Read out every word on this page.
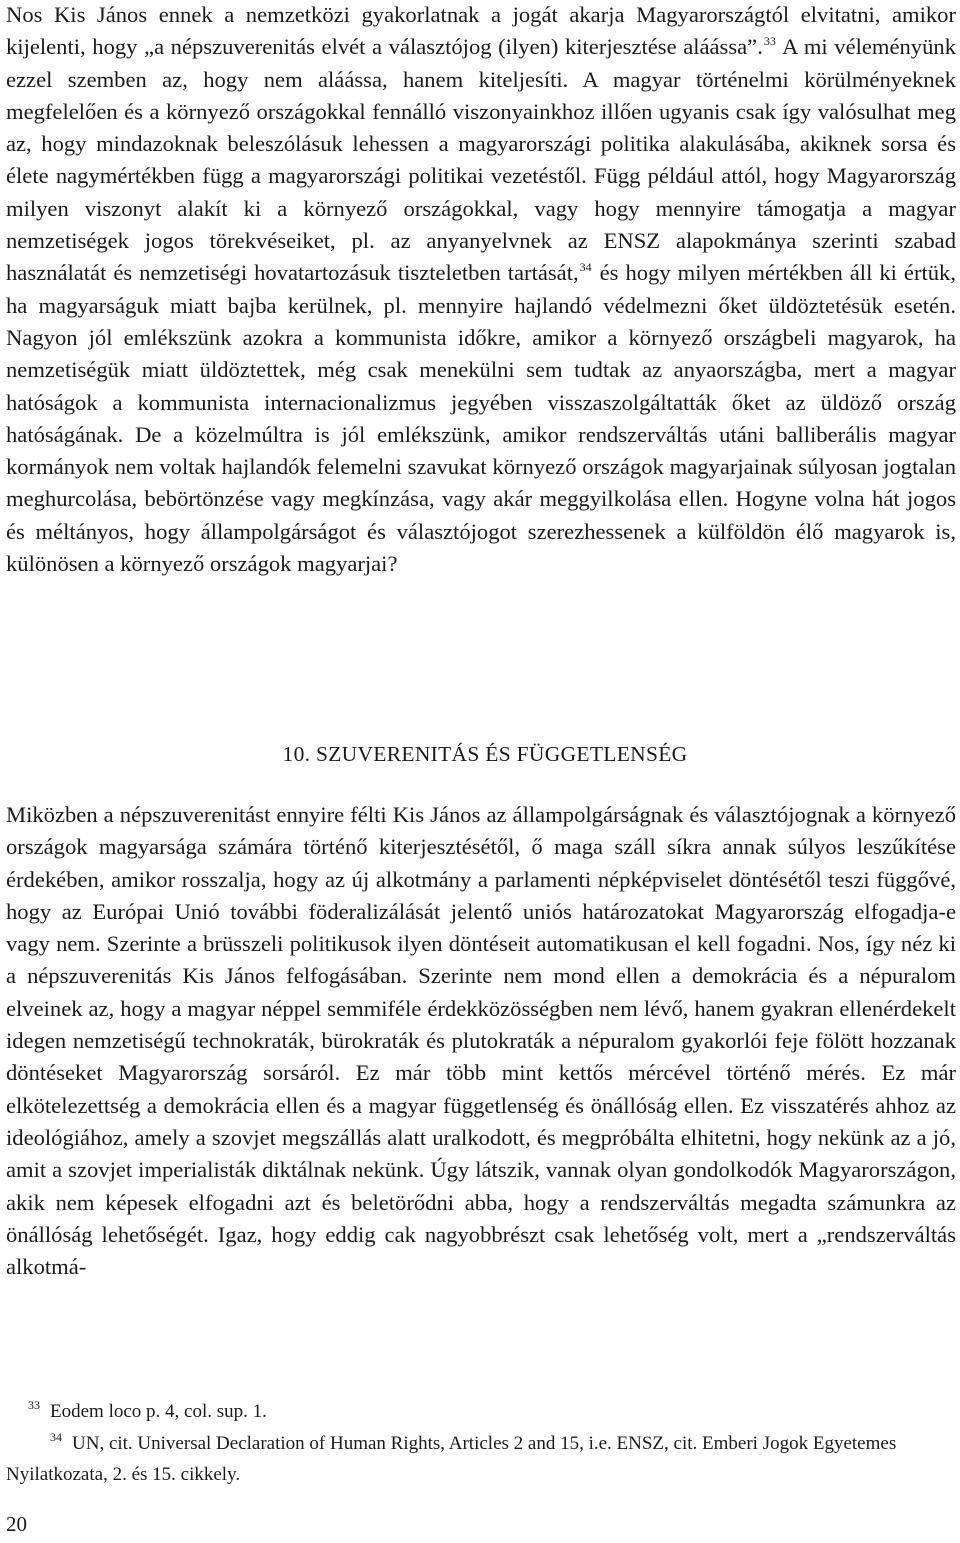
Nos Kis János ennek a nemzetközi gyakorlatnak a jogát akarja Magyarországtól elvitatni, amikor kijelenti, hogy „a népszuverenitás elvét a választójog (ilyen) kiterjesztése aláássa”.$^{33}$ A mi véleményünk ezzel szemben az, hogy nem aláássa, hanem kiteljesíti. A magyar történelmi körülményeknek megfelelően és a környező országokkal fennálló viszonyainkhoz illően ugyanis csak így valósulhat meg az, hogy mindazoknak beleszólásuk lehessen a magyarországi politika alakulásába, akiknek sorsa és élete nagymértékben függ a magyarországi politikai vezetéstől. Függ például attól, hogy Magyarország milyen viszonyt alakít ki a környező országokkal, vagy hogy mennyire támogatja a magyar nemzetiségek jogos törekvéseiket, pl. az anyanyelvnek az ENSZ alapokmánya szerinti szabad használatát és nemzetiségi hovatartozásuk tiszteletben tartását,$^{34}$ és hogy milyen mértékben áll ki értük, ha magyarságuk miatt bajba kerülnek, pl. mennyire hajlandó védelmezni őket üldöztetésük esetén. Nagyon jól emlékszünk azokra a kommunista időkre, amikor a környező országbeli magyarok, ha nemzetiségük miatt üldöztettek, még csak menekülni sem tudtak az anyaországba, mert a magyar hatóságok a kommunista internacionalizmus jegyében visszaszolgáltatták őket az üldöző ország hatóságának. De a közelmúltra is jól emlékszünk, amikor rendszerváltás utáni balliberális magyar kormányok nem voltak hajlandók felemelni szavukat környező országok magyarjainak súlyosan jogtalan meghurcolása, bebörtönzése vagy megkínzása, vagy akár meggyilkolása ellen. Hogyne volna hát jogos és méltányos, hogy állampolgárságot és választójogot szerezhessenek a külföldön élő magyarok is, különösen a környező országok magyarjai?

10. SZUVERENITÁS ÉS FÜGGETLENSÉG

Miközben a népszuverenitást ennyire félti Kis János az állampolgárságnak és választójognak a környező országok magyarsága számára történő kiterjesztésétől, ő maga száll síkra annak súlyos leszűkítése érdekében, amikor rosszalja, hogy az új alkotmány a parlamenti népképviselet döntésétől teszi függővé, hogy az Európai Unió további föderalizálását jelentő uniós határozatokat Magyarország elfogadja-e vagy nem. Szerinte a brüsszeli politikusok ilyen döntéseit automatikusan el kell fogadni. Nos, így néz ki a népszuverenitás Kis János felfogásában. Szerinte nem mond ellen a demokrácia és a népuralom elveinek az, hogy a magyar néppel semmiféle érdekközösségben nem lévő, hanem gyakran ellenérdekelt idegen nemzetiségű technokraták, bürokraták és plutokraták a népuralom gyakorlói feje fölött hozzanak döntéseket Magyarország sorsáról. Ez már több mint kettős mércével történő mérés. Ez már elkötelezettség a demokrácia ellen és a magyar függetlenség és önállóság ellen. Ez visszatérés ahhoz az ideológiához, amely a szovjet megszállás alatt uralkodott, és megpróbálta elhitetni, hogy nekünk az a jó, amit a szovjet imperialisták diktálnak nekünk. Úgy látszik, vannak olyan gondolkodók Magyarországon, akik nem képesek elfogadni azt és beletörődni abba, hogy a rendszerváltás megadta számunkra az önállóság lehetőségét. Igaz, hogy eddig cak nagyobbrészt csak lehetőség volt, mert a „rendszerváltás alkotmá-

33 Eodem loco p. 4, col. sup. 1.

34 UN, cit. Universal Declaration of Human Rights, Articles 2 and 15, i.e. ENSZ, cit. Emberi Jogok Egyetemes Nyilatkozata, 2. és 15. cikkely.

20
